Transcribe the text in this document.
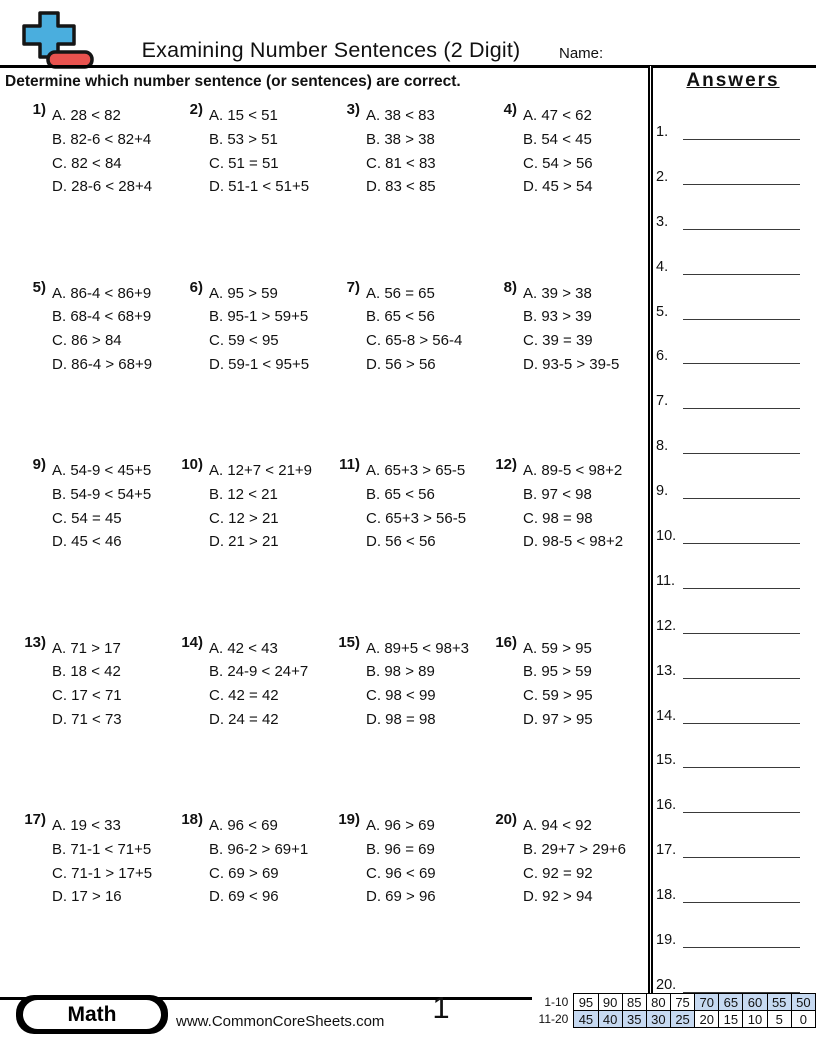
Examining Number Sentences (2 Digit)	Name:
Determine which number sentence (or sentences) are correct.
1) A. 28 < 82
B. 82-6 < 82+4
C. 82 < 84
D. 28-6 < 28+4
2) A. 15 < 51
B. 53 > 51
C. 51 = 51
D. 51-1 < 51+5
3) A. 38 < 83
B. 38 > 38
C. 81 < 83
D. 83 < 85
4) A. 47 < 62
B. 54 < 45
C. 54 > 56
D. 45 > 54
5) A. 86-4 < 86+9
B. 68-4 < 68+9
C. 86 > 84
D. 86-4 > 68+9
6) A. 95 > 59
B. 95-1 > 59+5
C. 59 < 95
D. 59-1 < 95+5
7) A. 56 = 65
B. 65 < 56
C. 65-8 > 56-4
D. 56 > 56
8) A. 39 > 38
B. 93 > 39
C. 39 = 39
D. 93-5 > 39-5
9) A. 54-9 < 45+5
B. 54-9 < 54+5
C. 54 = 45
D. 45 < 46
10) A. 12+7 < 21+9
B. 12 < 21
C. 12 > 21
D. 21 > 21
11) A. 65+3 > 65-5
B. 65 < 56
C. 65+3 > 56-5
D. 56 < 56
12) A. 89-5 < 98+2
B. 97 < 98
C. 98 = 98
D. 98-5 < 98+2
13) A. 71 > 17
B. 18 < 42
C. 17 < 71
D. 71 < 73
14) A. 42 < 43
B. 24-9 < 24+7
C. 42 = 42
D. 24 = 42
15) A. 89+5 < 98+3
B. 98 > 89
C. 98 < 99
D. 98 = 98
16) A. 59 > 95
B. 95 > 59
C. 59 > 95
D. 97 > 95
17) A. 19 < 33
B. 71-1 < 71+5
C. 71-1 > 17+5
D. 17 > 16
18) A. 96 < 69
B. 96-2 > 69+1
C. 69 > 69
D. 69 < 96
19) A. 96 > 69
B. 96 = 69
C. 96 < 69
D. 69 > 96
20) A. 94 < 92
B. 29+7 > 29+6
C. 92 = 92
D. 92 > 94
Answers
1.
2.
3.
4.
5.
6.
7.
8.
9.
10.
11.
12.
13.
14.
15.
16.
17.
18.
19.
20.
Math	www.CommonCoreSheets.com	1	1-10	95	90	85	80	75	70	65	60	55	50
11-20	45	40	35	30	25	20	15	10	5	0
